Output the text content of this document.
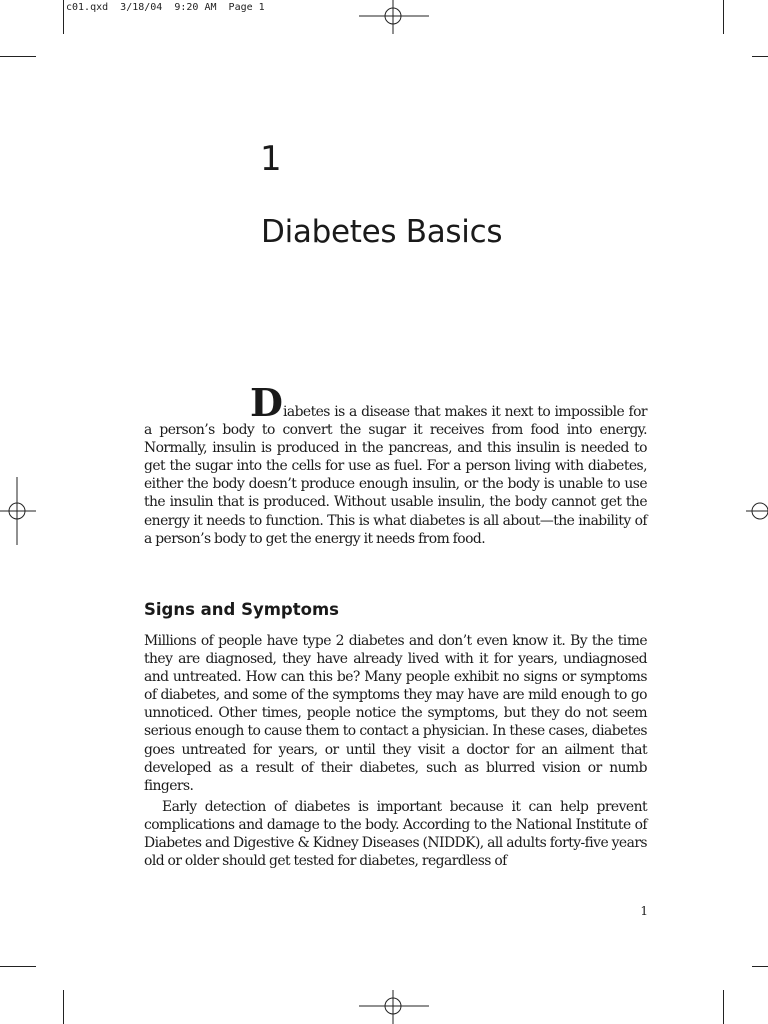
c01.qxd  3/18/04  9:20 AM  Page 1

1
Diabetes Basics

Diabetes is a disease that makes it next to impossible for a person’s body to convert the sugar it receives from food into energy. Normally, insulin is produced in the pancreas, and this insulin is needed to get the sugar into the cells for use as fuel. For a person living with diabetes, either the body doesn’t produce enough insulin, or the body is unable to use the insulin that is produced. Without usable insulin, the body cannot get the energy it needs to function. This is what diabetes is all about—the inability of a person’s body to get the energy it needs from food.

Signs and Symptoms

Millions of people have type 2 diabetes and don’t even know it. By the time they are diagnosed, they have already lived with it for years, undiagnosed and untreated. How can this be? Many people exhibit no signs or symptoms of diabetes, and some of the symptoms they may have are mild enough to go unnoticed. Other times, people notice the symptoms, but they do not seem serious enough to cause them to contact a physician. In these cases, diabetes goes untreated for years, or until they visit a doctor for an ailment that developed as a result of their diabetes, such as blurred vision or numb fingers.

Early detection of diabetes is important because it can help prevent complications and damage to the body. According to the National Institute of Diabetes and Digestive & Kidney Diseases (NIDDK), all adults forty-five years old or older should get tested for diabetes, regardless of

1
